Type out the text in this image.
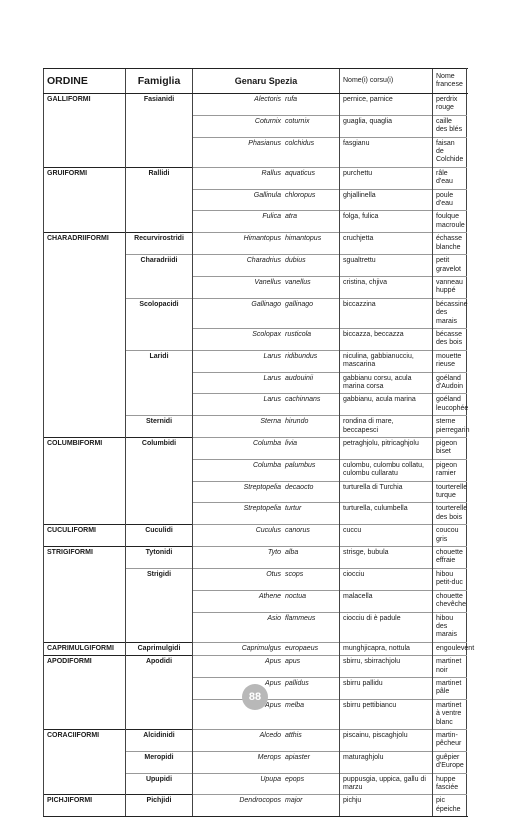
ORDINE	Famiglia	Genaru Spezia	Nome(i) corsu(i)	Nome francese
GALLIFORMI	Fasianidi	Alectoris rufa	pernice, parnice	perdrix rouge
		Coturnix coturnix	guaglia, quaglia	caille des blés
		Phasianus colchidus	fasgianu	faisan de Colchide
GRUIFORMI	Rallidi	Rallus aquaticus	purchettu	râle d'eau
		Gallinula chloropus	ghjallinella	poule d'eau
		Fulica atra	folga, fulica	foulque macroule
CHARADRIIFORMI	Recurvirostridi	Himantopus himantopus	cruchjetta	échasse blanche
	Charadriidi	Charadrius dubius	sgualtrettu	petit gravelot
		Vanellus vanellus	cristina, chjiva	vanneau huppé
	Scolopacidi	Gallinago gallinago	biccazzina	bécassine des marais
		Scolopax rusticola	biccazza, beccazza	bécasse des bois
	Laridi	Larus ridibundus	niculina, gabbianucciu, mascarina	mouette rieuse
		Larus audouinii	gabbianu corsu, acula marina corsa	goéland d'Audoin
		Larus cachinnans	gabbianu, acula marina	goéland leucophée
	Sternidi	Sterna hirundo	rondina di mare, beccapesci	sterne pierregarin
COLUMBIFORMI	Columbidi	Columba livia	petraghjolu, pitricaghjolu	pigeon biset
		Columba palumbus	culombu, culombu collatu, culombu cullaratu	pigeon ramier
		Streptopelia decaocto	turturella di Turchia	tourterelle turque
		Streptopelia turtur	turturella, culumbella	tourterelle des bois
CUCULIFORMI	Cuculidi	Cuculus canorus	cuccu	coucou gris
STRIGIFORMI	Tytonidi	Tyto alba	strisge, bubula	chouette effraie
	Strigidi	Otus scops	ciocciu	hibou petit-duc
		Athene noctua	malacella	chouette chevêche
		Asio flammeus	ciocciu di è padule	hibou des marais
CAPRIMULGIFORMI	Caprimulgidi	Caprimulgus europaeus	munghjicapra, nottula	engoulevent
APODIFORMI	Apodidi	Apus apus	sbirru, sbirrachjolu	martinet noir
		Apus pallidus	sbirru pallidu	martinet pâle
		Apus melba	sbirru pettibiancu	martinet à ventre blanc
CORACIIFORMI	Alcidinidi	Alcedo atthis	piscainu, piscaghjolu	martin-pêcheur
	Meropidi	Merops apiaster	maturaghjolu	guêpier d'Europe
	Upupidi	Upupa epops	puppusgia, uppica, gallu di marzu	huppe fasciée
PICHJIFORMI	Pichjidi	Dendrocopos major	pichju	pic épeiche
88
